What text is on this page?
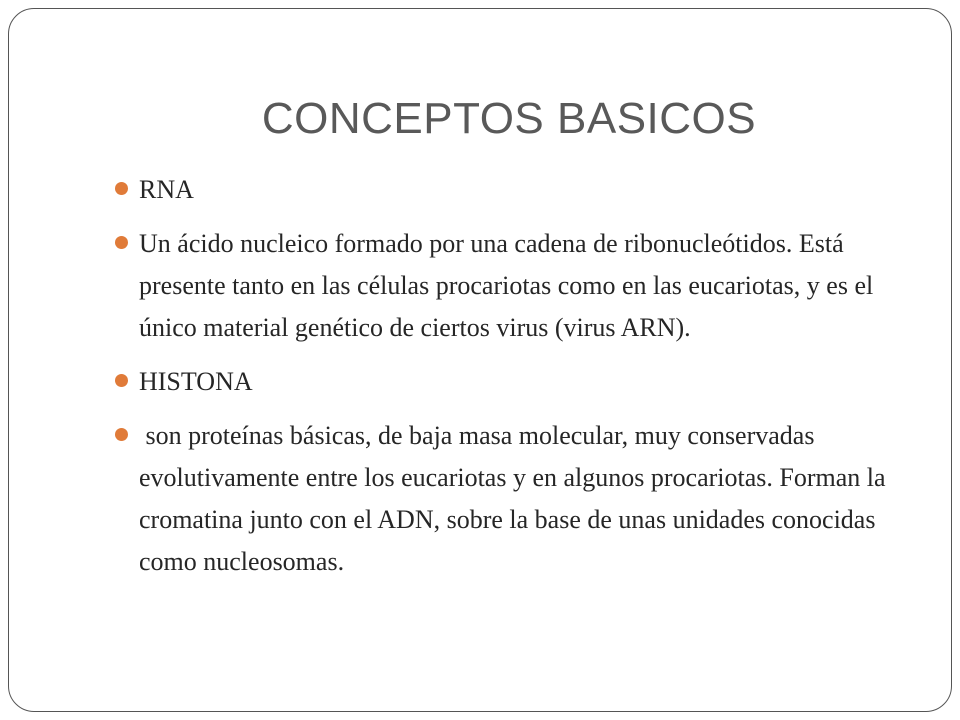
CONCEPTOS BASICOS
RNA
Un ácido nucleico formado por una cadena de ribonucleótidos. Está presente tanto en las células procariotas como en las eucariotas, y es el único material genético de ciertos virus (virus ARN).
HISTONA
son proteínas básicas, de baja masa molecular, muy conservadas evolutivamente entre los eucariotas y en algunos procariotas. Forman la cromatina junto con el ADN, sobre la base de unas unidades conocidas como nucleosomas.
